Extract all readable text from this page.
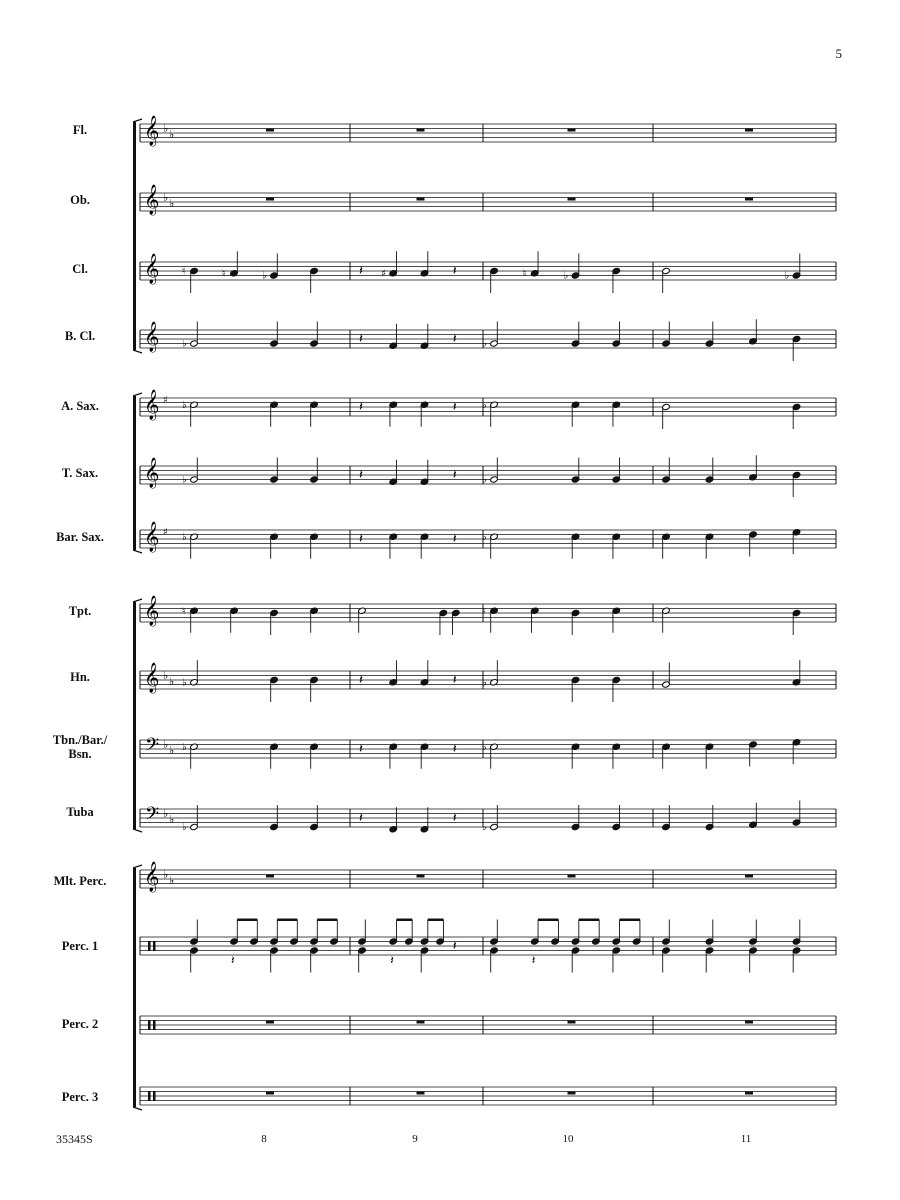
5
35345S
Fl.
Ob.
Cl.
B. Cl.
A. Sax.
T. Sax.
Bar. Sax.
Tpt.
Hn.
Tbn./Bar./
Bsn.
Tuba
Mlt. Perc.
Perc. 1
Perc. 2
Perc. 3
8	9	10	11
𝄞 ♭ ♭
𝄞 ♭ ♭
𝄞
𝄞
𝄞 ♯
𝄞
𝄞 ♯
𝄞
𝄞 ♭ ♭
𝄢 ♭ ♭
𝄢 ♭ ♭
𝄞 ♭ ♭
♮	♮	♭	𝄽 ♯	𝄽	♮	♭	♭
♭	𝄽	𝄽	♭
♭	𝄽	𝄽	♭
♭	𝄽	𝄽	♭
♭	𝄽	𝄽	♭
♮	♮
♭	𝄽	𝄽	♭
♭	𝄽	𝄽	♭
♭
𝄽	𝄽
♭
𝄽	𝄽
𝄽
𝄽
